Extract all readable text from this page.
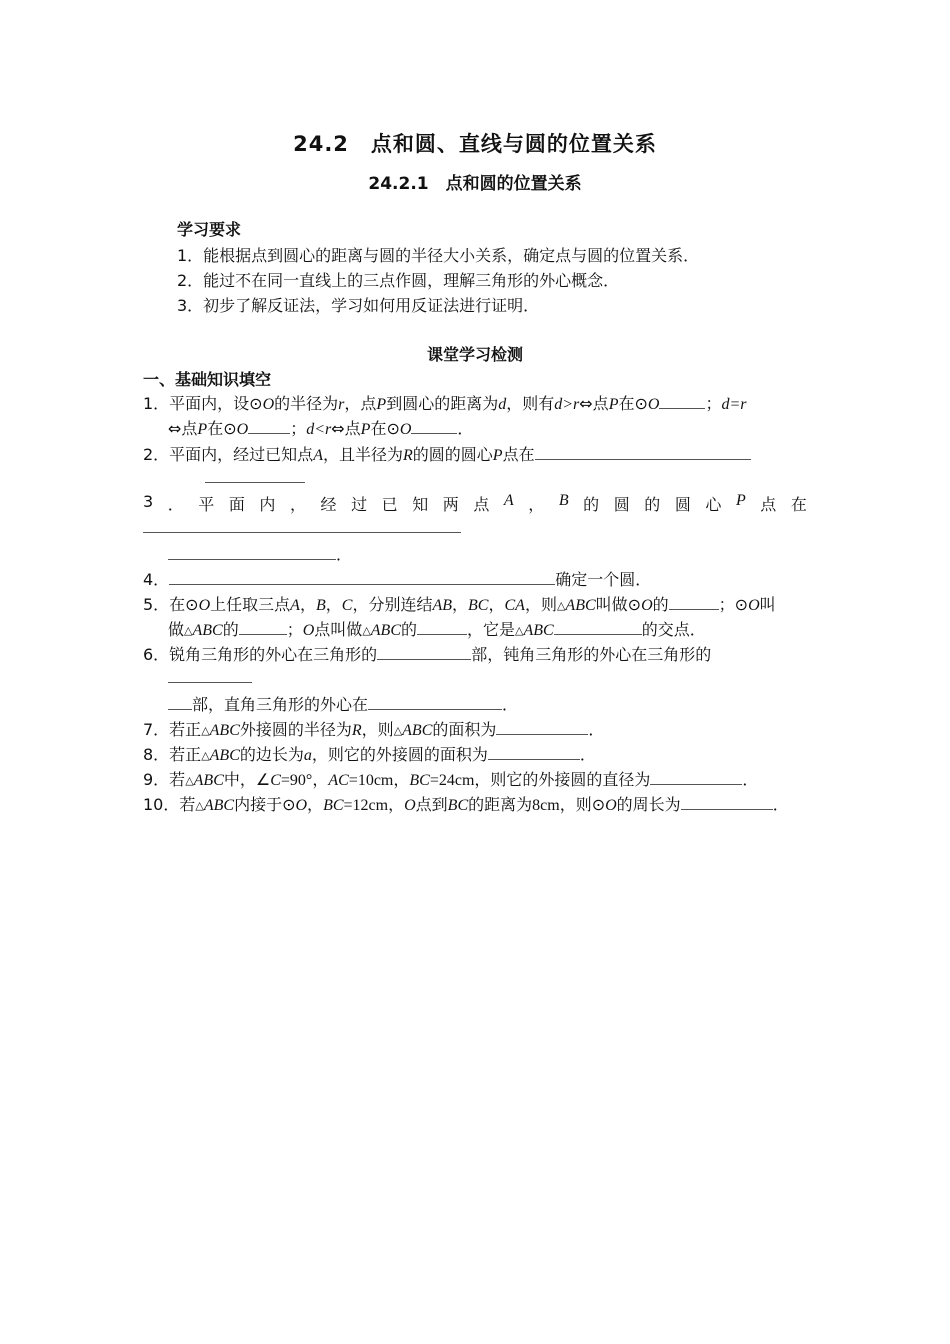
24.2　点和圆、直线与圆的位置关系
24.2.1　点和圆的位置关系
学习要求
1．能根据点到圆心的距离与圆的半径大小关系，确定点与圆的位置关系．
2．能过不在同一直线上的三点作圆，理解三角形的外心概念．
3．初步了解反证法，学习如何用反证法进行证明．
课堂学习检测
一、基础知识填空
1．平面内，设⊙O的半径为r，点P到圆心的距离为d，则有d>r⇔点P在⊙O	；d=r
⇔点P在⊙O	；d<r⇔点P在⊙O	．
2．平面内，经过已知点A，且半径为R的圆的圆心P点在
3 ． 平 面 内 ， 经 过 已 知 两 点 A ， B 的 圆 的 圆 心 P 点 在
．
4．	确定一个圆．
5．在⊙O上任取三点A，B，C，分别连结AB，BC，CA，则△ABC叫做⊙O的	；⊙O叫
做△ABC的	；O点叫做△ABC的	，它是△ABC	的交点．
6．锐角三角形的外心在三角形的	部，钝角三角形的外心在三角形的
部，直角三角形的外心在	．
7．若正△ABC外接圆的半径为R，则△ABC的面积为	．
8．若正△ABC的边长为a，则它的外接圆的面积为	．
9．若△ABC中，∠C=90°，AC=10cm，BC=24cm，则它的外接圆的直径为	．
10．若△ABC内接于⊙O，BC=12cm，O点到BC的距离为8cm，则⊙O的周长为	．
